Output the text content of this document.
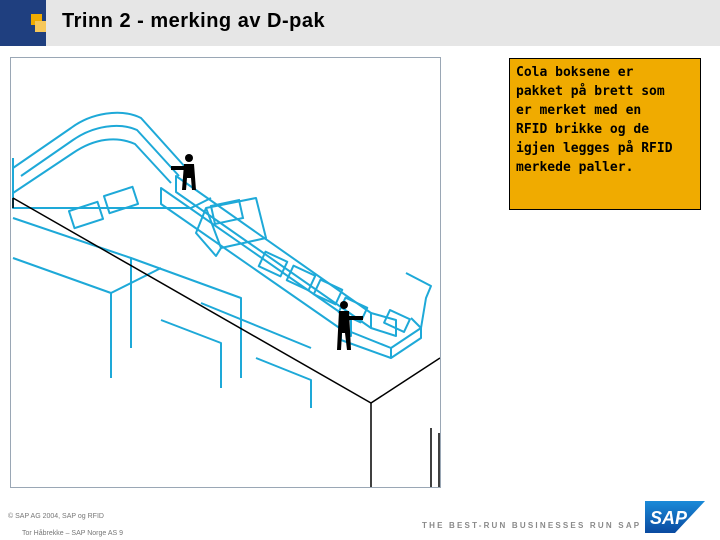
Trinn 2 - merking av D-pak
Cola boksene er
pakket på brett som
er merket med en
RFID brikke og de
igjen legges på RFID
merkede paller.
© SAP AG 2004, SAP og RFID
Tor Håbrekke – SAP Norge AS 9
THE BEST-RUN BUSINESSES RUN SAP SAP
